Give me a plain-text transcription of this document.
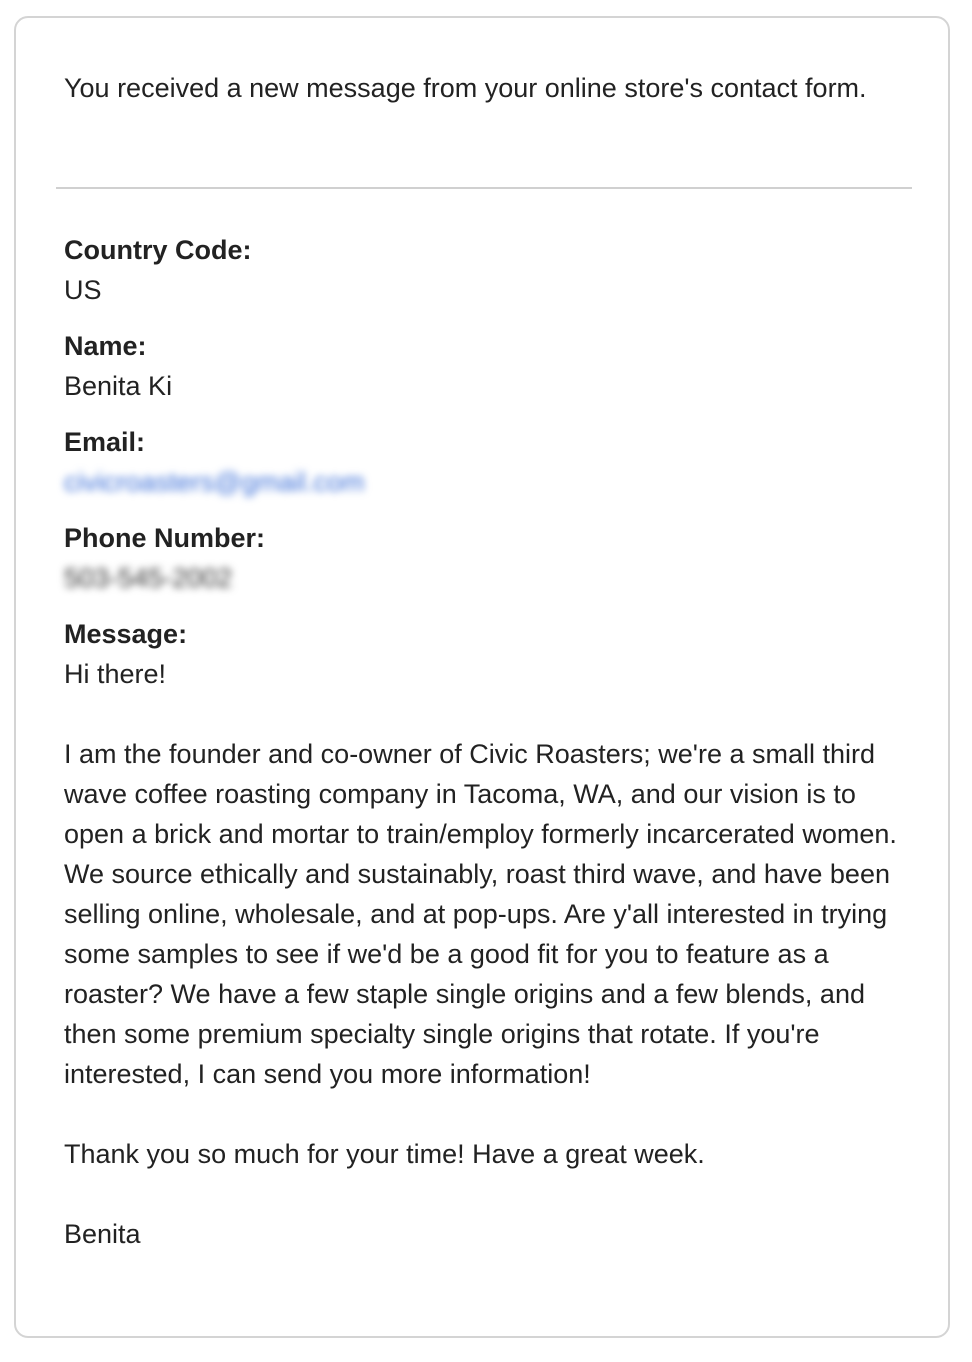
You received a new message from your online store's contact form.
Country Code:
US
Name:
Benita Ki
Email:
civicroasters@gmail.com
Phone Number:
503-545-2002
Message:

Hi there!

I am the founder and co-owner of Civic Roasters; we're a small third wave coffee roasting company in Tacoma, WA, and our vision is to open a brick and mortar to train/employ formerly incarcerated women. We source ethically and sustainably, roast third wave, and have been selling online, wholesale, and at pop-ups. Are y'all interested in trying some samples to see if we'd be a good fit for you to feature as a roaster? We have a few staple single origins and a few blends, and then some premium specialty single origins that rotate. If you're interested, I can send you more information!

Thank you so much for your time! Have a great week.

Benita
